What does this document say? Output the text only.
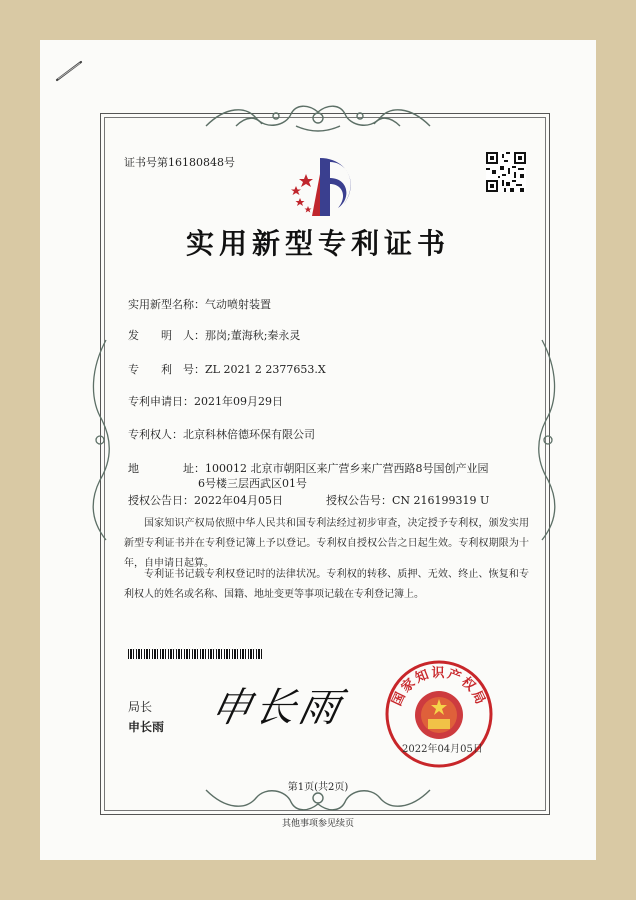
证书号第16180848号
实用新型专利证书
实用新型名称：气动喷射装置
发　　明　人：那岗;董海秋;秦永灵
专　　利　号：ZL 2021 2 2377653.X
专利申请日：2021年09月29日
专利权人：北京科林倍德环保有限公司
地　　　　址：100012 北京市朝阳区来广营乡来广营西路8号国创产业园
6号楼三层西武区01号
授权公告日：2022年04月05日	授权公告号：CN 216199319 U
国家知识产权局依照中华人民共和国专利法经过初步审查，决定授予专利权，颁发实用新型专利证书并在专利登记簿上予以登记。专利权自授权公告之日起生效。专利权期限为十年，自申请日起算。
专利证书记载专利权登记时的法律状况。专利权的转移、质押、无效、终止、恢复和专利权人的姓名或名称、国籍、地址变更等事项记载在专利登记簿上。
局长
申长雨 申长雨	国家知识产权局
2022年04月05日
第1页(共2页)
其他事项参见续页
